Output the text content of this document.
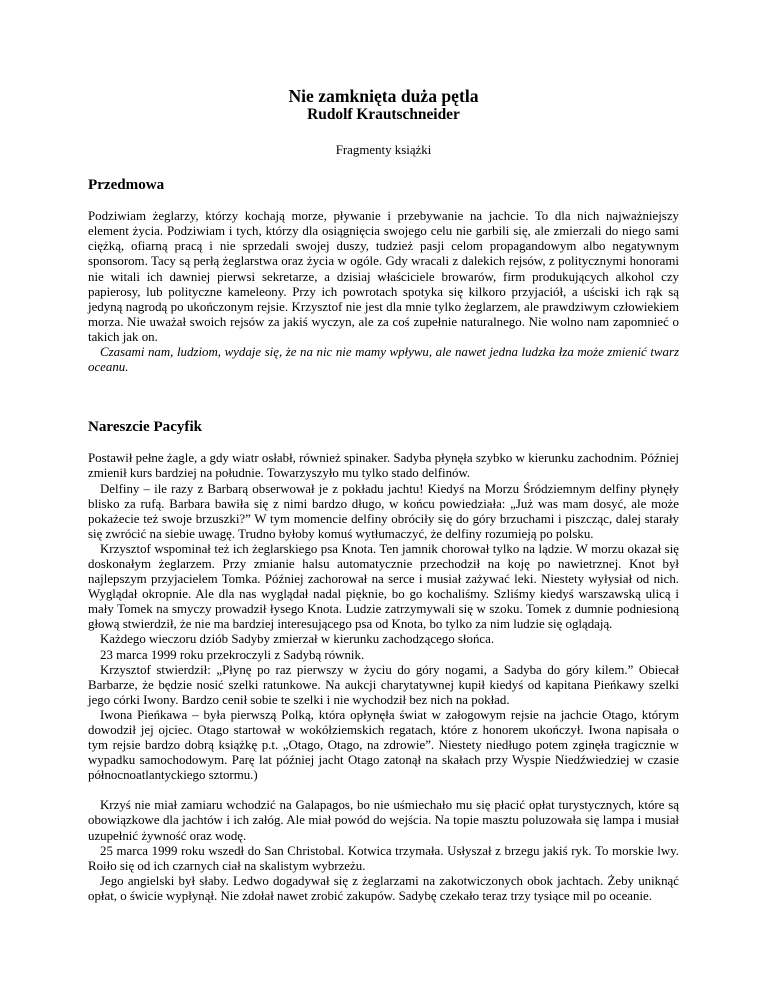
Nie zamknięta duża pętla
Rudolf Krautschneider

Fragmenty książki

Przedmowa

Podziwiam żeglarzy, którzy kochają morze, pływanie i przebywanie na jachcie. To dla nich najważniejszy element życia. Podziwiam i tych, którzy dla osiągnięcia swojego celu nie garbili się, ale zmierzali do niego sami ciężką, ofiarną pracą i nie sprzedali swojej duszy, tudzież pasji celom propagandowym albo negatywnym sponsorom. Tacy są perłą żeglarstwa oraz życia w ogóle. Gdy wracali z dalekich rejsów, z politycznymi honorami nie witali ich dawniej pierwsi sekretarze, a dzisiaj właściciele browarów, firm produkujących alkohol czy papierosy, lub polityczne kameleony. Przy ich powrotach spotyka się kilkoro przyjaciół, a uściski ich rąk są jedyną nagrodą po ukończonym rejsie. Krzysztof nie jest dla mnie tylko żeglarzem, ale prawdziwym człowiekiem morza. Nie uważał swoich rejsów za jakiś wyczyn, ale za coś zupełnie naturalnego. Nie wolno nam zapomnieć o takich jak on.

Czasami nam, ludziom, wydaje się, że na nic nie mamy wpływu, ale nawet jedna ludzka łza może zmienić twarz oceanu.

Nareszcie Pacyfik

Postawił pełne żagle, a gdy wiatr osłabł, również spinaker. Sadyba płynęła szybko w kierunku zachodnim. Później zmienił kurs bardziej na południe. Towarzyszyło mu tylko stado delfinów.

Delfiny – ile razy z Barbarą obserwował je z pokładu jachtu! Kiedyś na Morzu Śródziemnym delfiny płynęły blisko za rufą. Barbara bawiła się z nimi bardzo długo, w końcu powiedziała: „Już was mam dosyć, ale może pokażecie też swoje brzuszki?” W tym momencie delfiny obróciły się do góry brzuchami i piszcząc, dalej starały się zwrócić na siebie uwagę. Trudno byłoby komuś wytłumaczyć, że delfiny rozumieją po polsku.

Krzysztof wspominał też ich żeglarskiego psa Knota. Ten jamnik chorował tylko na lądzie. W morzu okazał się doskonałym żeglarzem. Przy zmianie halsu automatycznie przechodził na koję po nawietrznej. Knot był najlepszym przyjacielem Tomka. Później zachorował na serce i musiał zażywać leki. Niestety wyłysiał od nich. Wyglądał okropnie. Ale dla nas wyglądał nadal pięknie, bo go kochaliśmy. Szliśmy kiedyś warszawską ulicą i mały Tomek na smyczy prowadził łysego Knota. Ludzie zatrzymywali się w szoku. Tomek z dumnie podniesioną głową stwierdził, że nie ma bardziej interesującego psa od Knota, bo tylko za nim ludzie się oglądają.

Każdego wieczoru dziób Sadyby zmierzał w kierunku zachodzącego słońca.

23 marca 1999 roku przekroczyli z Sadybą równik.

Krzysztof stwierdził: „Płynę po raz pierwszy w życiu do góry nogami, a Sadyba do góry kilem.” Obiecał Barbarze, że będzie nosić szelki ratunkowe. Na aukcji charytatywnej kupił kiedyś od kapitana Pieńkawy szelki jego córki Iwony. Bardzo cenił sobie te szelki i nie wychodził bez nich na pokład.

Iwona Pieńkawa – była pierwszą Polką, która opłynęła świat w załogowym rejsie na jachcie Otago, którym dowodził jej ojciec. Otago startował w wokółziemskich regatach, które z honorem ukończył. Iwona napisała o tym rejsie bardzo dobrą książkę p.t. „Otago, Otago, na zdrowie”. Niestety niedługo potem zginęła tragicznie w wypadku samochodowym. Parę lat później jacht Otago zatonął na skałach przy Wyspie Niedźwiedziej w czasie północnoatlantyckiego sztormu.)

Krzyś nie miał zamiaru wchodzić na Galapagos, bo nie uśmiechało mu się płacić opłat turystycznych, które są obowiązkowe dla jachtów i ich załóg. Ale miał powód do wejścia. Na topie masztu poluzowała się lampa i musiał uzupełnić żywność oraz wodę.

25 marca 1999 roku wszedł do San Christobal. Kotwica trzymała. Usłyszał z brzegu jakiś ryk. To morskie lwy. Roiło się od ich czarnych ciał na skalistym wybrzeżu.

Jego angielski był słaby. Ledwo dogadywał się z żeglarzami na zakotwiczonych obok jachtach. Żeby uniknąć opłat, o świcie wypłynął. Nie zdołał nawet zrobić zakupów. Sadybę czekało teraz trzy tysiące mil po oceanie.
